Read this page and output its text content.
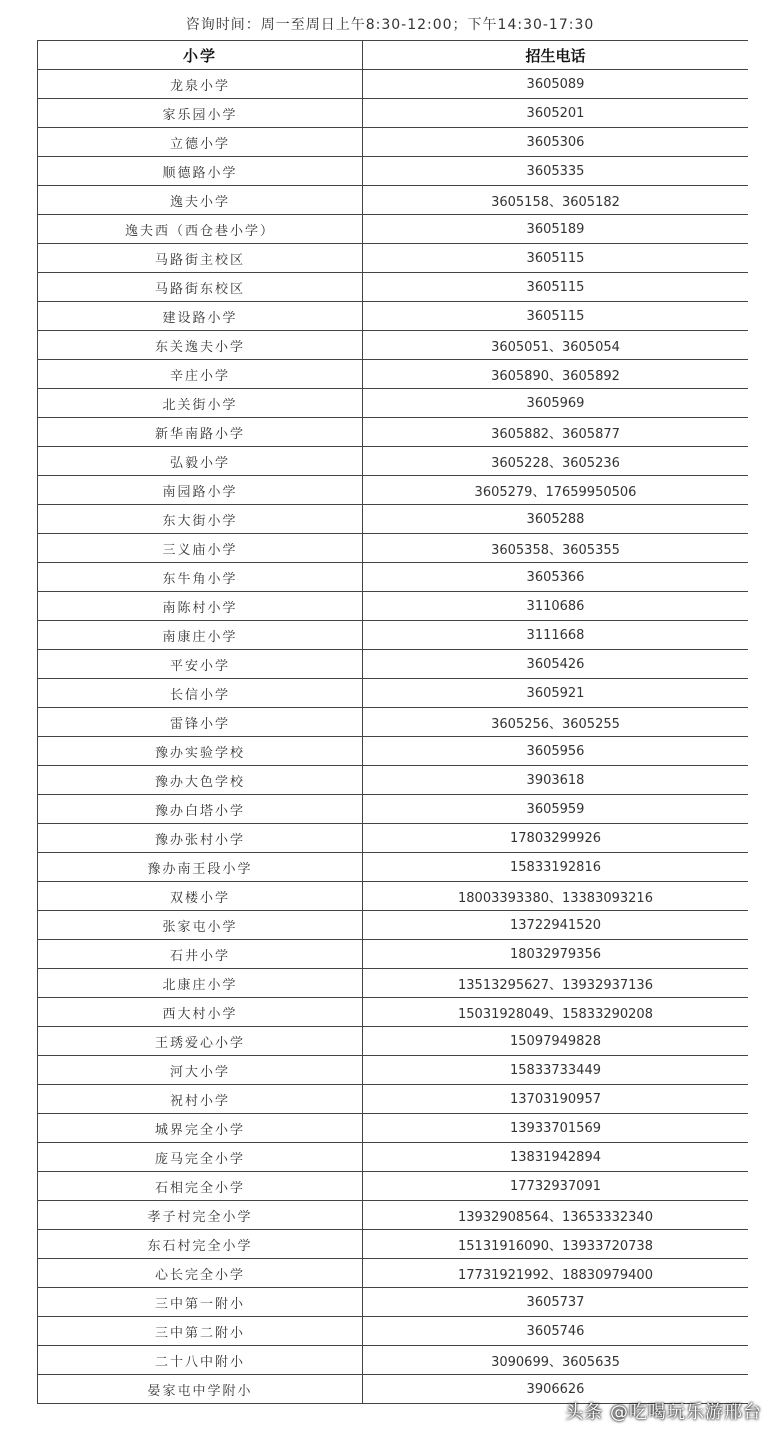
咨询时间：周一至周日上午8:30-12:00；下午14:30-17:30
小学	招生电话
龙泉小学	3605089
家乐园小学	3605201
立德小学	3605306
顺德路小学	3605335
逸夫小学	3605158、3605182
逸夫西（西仓巷小学）	3605189
马路街主校区	3605115
马路街东校区	3605115
建设路小学	3605115
东关逸夫小学	3605051、3605054
辛庄小学	3605890、3605892
北关街小学	3605969
新华南路小学	3605882、3605877
弘毅小学	3605228、3605236
南园路小学	3605279、17659950506
东大街小学	3605288
三义庙小学	3605358、3605355
东牛角小学	3605366
南陈村小学	3110686
南康庄小学	3111668
平安小学	3605426
长信小学	3605921
雷锋小学	3605256、3605255
豫办实验学校	3605956
豫办大色学校	3903618
豫办白塔小学	3605959
豫办张村小学	17803299926
豫办南王段小学	15833192816
双楼小学	18003393380、13383093216
张家屯小学	13722941520
石井小学	18032979356
北康庄小学	13513295627、13932937136
西大村小学	15031928049、15833290208
王琇爱心小学	15097949828
河大小学	15833733449
祝村小学	13703190957
城界完全小学	13933701569
庞马完全小学	13831942894
石相完全小学	17732937091
孝子村完全小学	13932908564、13653332340
东石村完全小学	15131916090、13933720738
心长完全小学	17731921992、18830979400
三中第一附小	3605737
三中第二附小	3605746
二十八中附小	3090699、3605635
晏家屯中学附小	3906626
头条 @吃喝玩乐游邢台
